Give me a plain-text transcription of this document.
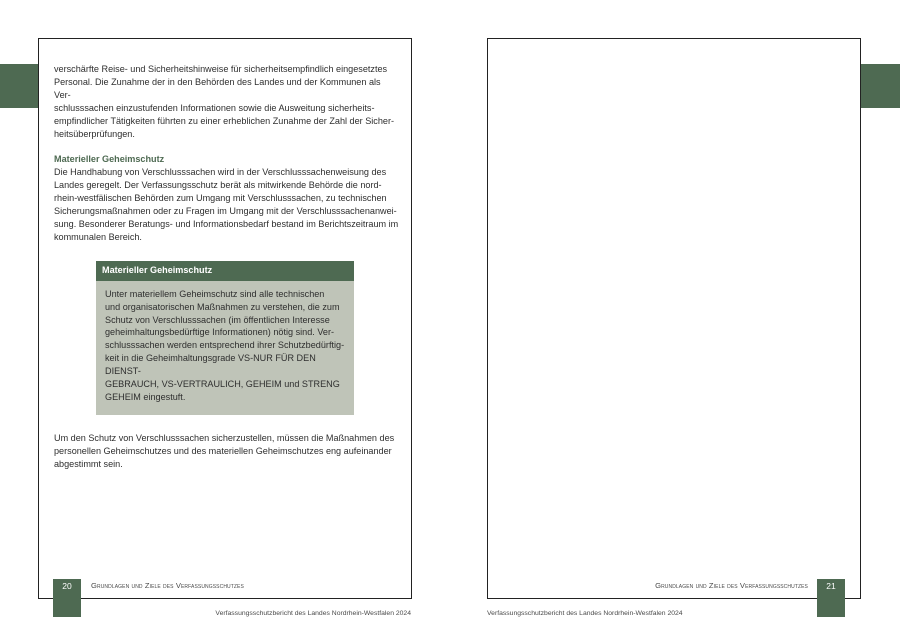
verschärfte Reise- und Sicherheitshinweise für sicherheitsempfindlich eingesetztes

Personal. Die Zunahme der in den Behörden des Landes und der Kommunen als Ver-

schlusssachen einzustufenden Informationen sowie die Ausweitung sicherheits-

empfindlicher Tätigkeiten führten zu einer erheblichen Zunahme der Zahl der Sicher-

heitsüberprüfungen.

Materieller Geheimschutz

Die Handhabung von Verschlusssachen wird in der Verschlusssachenweisung des

Landes geregelt. Der Verfassungsschutz berät als mitwirkende Behörde die nord-

rhein-westfälischen Behörden zum Umgang mit Verschlusssachen, zu technischen

Sicherungsmaßnahmen oder zu Fragen im Umgang mit der Verschlusssachenanwei-

sung. Besonderer Beratungs- und Informationsbedarf bestand im Berichtszeitraum im

kommunalen Bereich.

Materieller Geheimschutz

Unter materiellem Geheimschutz sind alle technischen

und organisatorischen Maßnahmen zu verstehen, die zum

Schutz von Verschlusssachen (im öffentlichen Interesse

geheimhaltungsbedürftige Informationen) nötig sind. Ver-

schlusssachen werden entsprechend ihrer Schutzbedürftig-

keit in die Geheimhaltungsgrade VS-NUR FÜR DEN DIENST-

GEBRAUCH, VS-VERTRAULICH, GEHEIM und STRENG

GEHEIM eingestuft.

Um den Schutz von Verschlusssachen sicherzustellen, müssen die Maßnahmen des

personellen Geheimschutzes und des materiellen Geheimschutzes eng aufeinander

abgestimmt sein.

20	Grundlagen und Ziele des Verfassungsschutzes	Grundlagen und Ziele des Verfassungsschutzes	21
Verfassungsschutzbericht des Landes Nordrhein-Westfalen 2024	Verfassungsschutzbericht des Landes Nordrhein-Westfalen 2024
